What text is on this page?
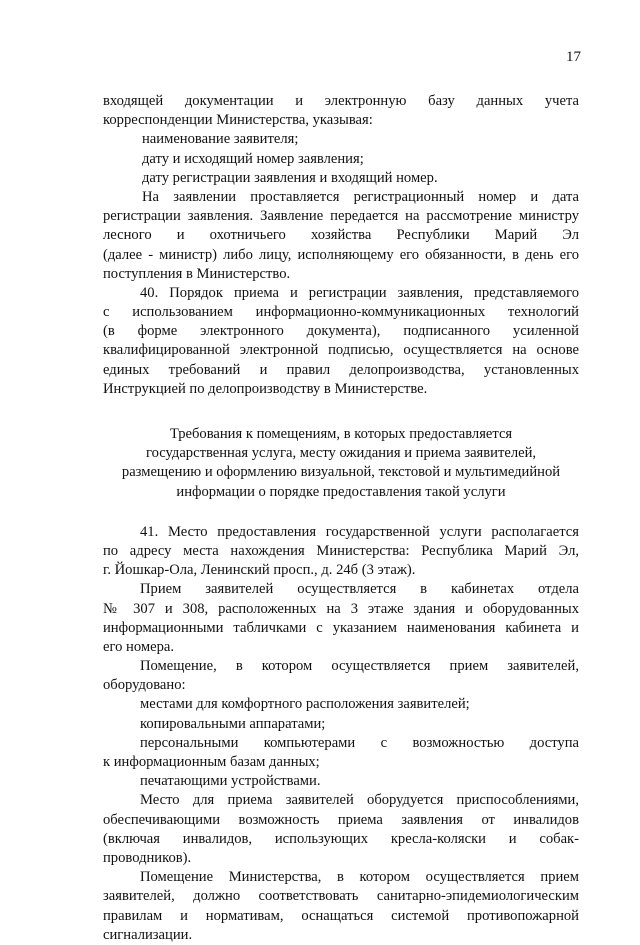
17
входящей документации и электронную базу данных учета
корреспонденции Министерства, указывая:
наименование заявителя;
дату и исходящий номер заявления;
дату регистрации заявления и входящий номер.
На заявлении проставляется регистрационный номер и дата
регистрации заявления. Заявление передается на рассмотрение министру
лесного и охотничьего хозяйства Республики Марий Эл
(далее - министр) либо лицу, исполняющему его обязанности, в день его
поступления в Министерство.
40. Порядок приема и регистрации заявления, представляемого
с использованием информационно-коммуникационных технологий
(в форме электронного документа), подписанного усиленной
квалифицированной электронной подписью, осуществляется на основе
единых требований и правил делопроизводства, установленных
Инструкцией по делопроизводству в Министерстве.
Требования к помещениям, в которых предоставляется
государственная услуга, месту ожидания и приема заявителей,
размещению и оформлению визуальной, текстовой и мультимедийной
информации о порядке предоставления такой услуги
41. Место предоставления государственной услуги располагается
по адресу места нахождения Министерства: Республика Марий Эл,
г. Йошкар-Ола, Ленинский просп., д. 24б (3 этаж).
Прием заявителей осуществляется в кабинетах отдела
№ 307 и 308, расположенных на 3 этаже здания и оборудованных
информационными табличками с указанием наименования кабинета и
его номера.
Помещение, в котором осуществляется прием заявителей,
оборудовано:
местами для комфортного расположения заявителей;
копировальными аппаратами;
персональными компьютерами с возможностью доступа
к информационным базам данных;
печатающими устройствами.
Место для приема заявителей оборудуется приспособлениями,
обеспечивающими возможность приема заявления от инвалидов
(включая инвалидов, использующих кресла-коляски и собак-
проводников).
Помещение Министерства, в котором осуществляется прием
заявителей, должно соответствовать санитарно-эпидемиологическим
правилам и нормативам, оснащаться системой противопожарной
сигнализации.
